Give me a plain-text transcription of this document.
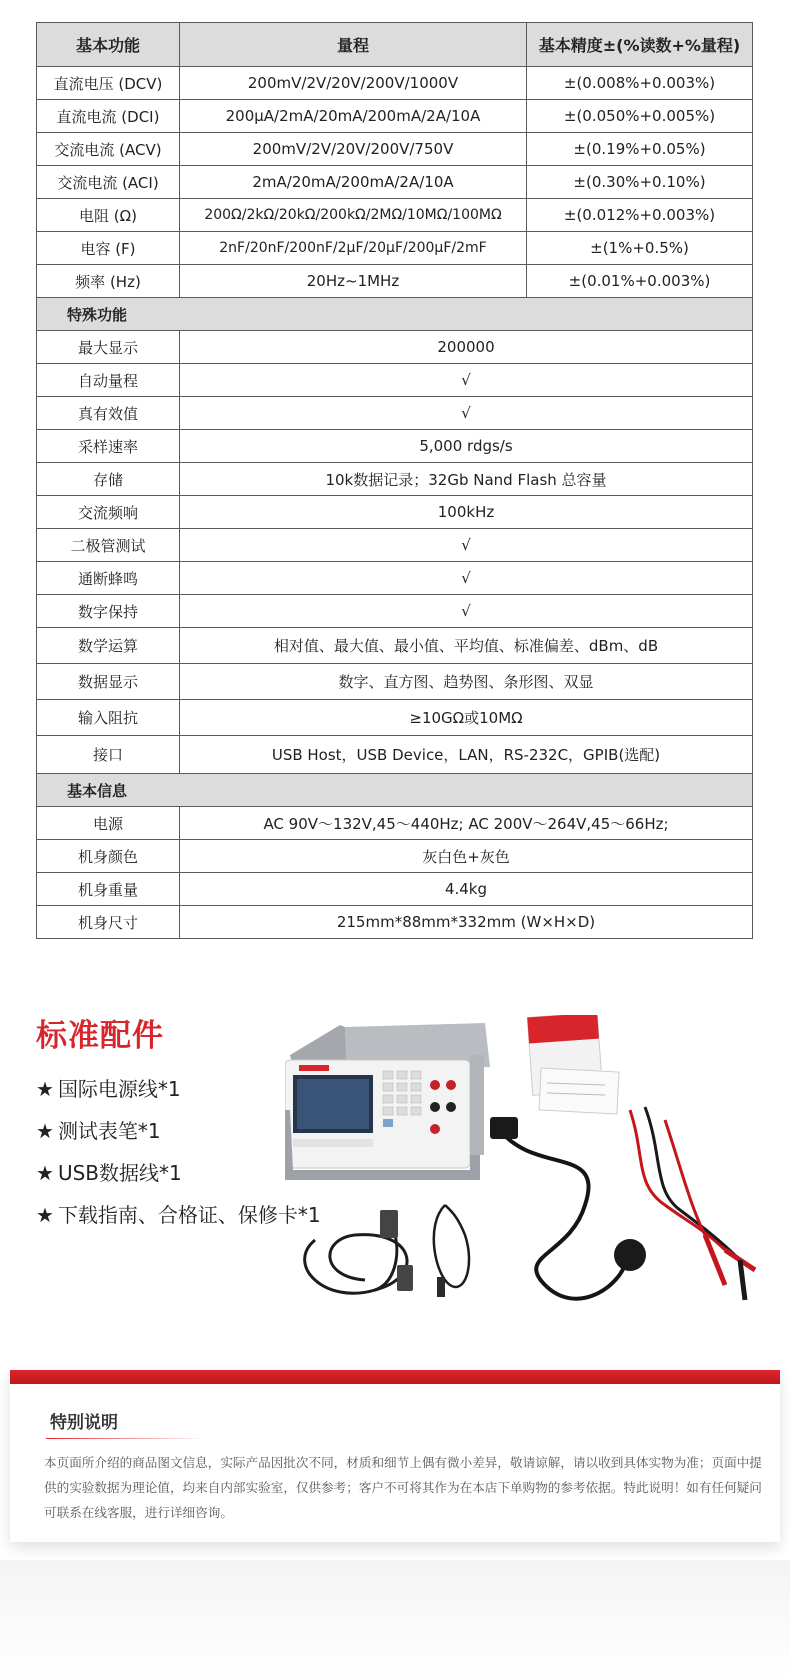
基本功能	量程	基本精度±(%读数+%量程)
直流电压 (DCV)	200mV/2V/20V/200V/1000V	±(0.008%+0.003%)
直流电流 (DCI)	200μA/2mA/20mA/200mA/2A/10A	±(0.050%+0.005%)
交流电流 (ACV)	200mV/2V/20V/200V/750V	±(0.19%+0.05%)
交流电流 (ACI)	2mA/20mA/200mA/2A/10A	±(0.30%+0.10%)
电阻 (Ω)	200Ω/2kΩ/20kΩ/200kΩ/2MΩ/10MΩ/100MΩ	±(0.012%+0.003%)
电容 (F)	2nF/20nF/200nF/2μF/20μF/200μF/2mF	±(1%+0.5%)
频率 (Hz)	20Hz~1MHz	±(0.01%+0.003%)
特殊功能		
最大显示	200000	
自动量程	√	
真有效值	√	
采样速率	5,000 rdgs/s	
存储	10k数据记录；32Gb Nand Flash 总容量	
交流频响	100kHz	
二极管测试	√	
通断蜂鸣	√	
数字保持	√	
数学运算	相对值、最大值、最小值、平均值、标准偏差、dBm、dB	
数据显示	数字、直方图、趋势图、条形图、双显	
输入阻抗	≥10GΩ或10MΩ	
接口	USB Host，USB Device，LAN，RS-232C，GPIB(选配)	
基本信息		
电源	AC 90V～132V,45～440Hz; AC 200V～264V,45～66Hz;	
机身颜色	灰白色+灰色	
机身重量	4.4kg	
机身尺寸	215mm*88mm*332mm (W×H×D)	
标准配件
★ 国际电源线*1
★ 测试表笔*1
★ USB数据线*1
★ 下载指南、合格证、保修卡*1
特别说明
本页面所介绍的商品图文信息，实际产品因批次不同，材质和细节上偶有微小差异，敬请谅解，请以收到具体实物为准；页面中提供的实验数据为理论值，均来自内部实验室，仅供参考；客户不可将其作为在本店下单购物的参考依据。特此说明！如有任何疑问可联系在线客服，进行详细咨询。
